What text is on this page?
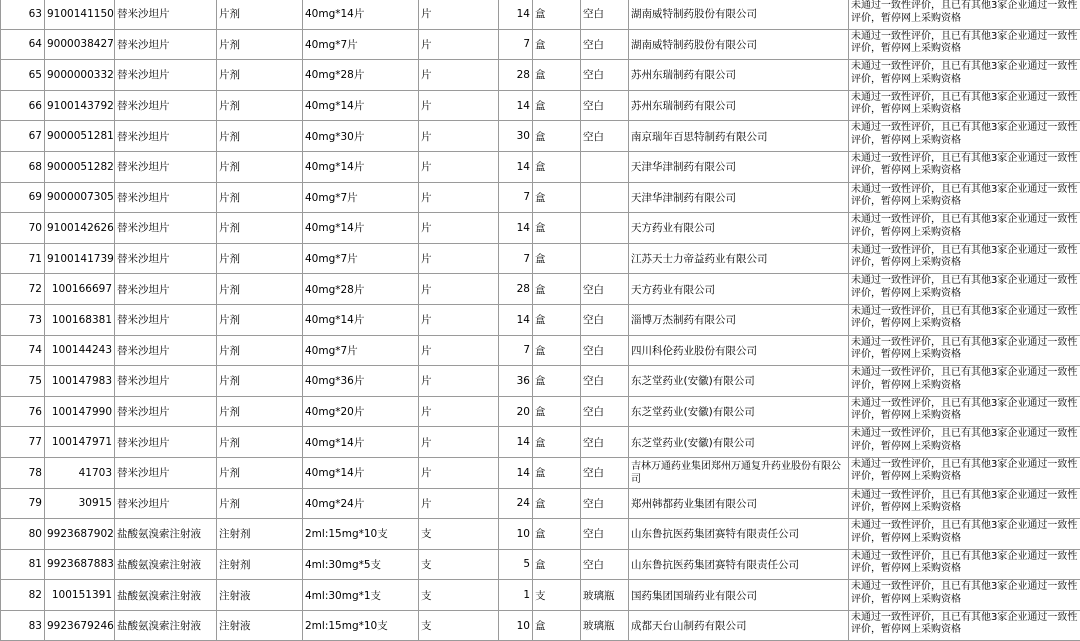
63	9100141150	替米沙坦片	片剂	40mg*14片	片	14	盒	空白	湖南威特制药股份有限公司	未通过一致性评价，且已有其他3家企业通过一致性评价，暂停网上采购资格
64	9000038427	替米沙坦片	片剂	40mg*7片	片	7	盒	空白	湖南威特制药股份有限公司	未通过一致性评价，且已有其他3家企业通过一致性评价，暂停网上采购资格
65	9000000332	替米沙坦片	片剂	40mg*28片	片	28	盒	空白	苏州东瑞制药有限公司	未通过一致性评价，且已有其他3家企业通过一致性评价，暂停网上采购资格
66	9100143792	替米沙坦片	片剂	40mg*14片	片	14	盒	空白	苏州东瑞制药有限公司	未通过一致性评价，且已有其他3家企业通过一致性评价，暂停网上采购资格
67	9000051281	替米沙坦片	片剂	40mg*30片	片	30	盒	空白	南京瑞年百思特制药有限公司	未通过一致性评价，且已有其他3家企业通过一致性评价，暂停网上采购资格
68	9000051282	替米沙坦片	片剂	40mg*14片	片	14	盒		天津华津制药有限公司	未通过一致性评价，且已有其他3家企业通过一致性评价，暂停网上采购资格
69	9000007305	替米沙坦片	片剂	40mg*7片	片	7	盒		天津华津制药有限公司	未通过一致性评价，且已有其他3家企业通过一致性评价，暂停网上采购资格
70	9100142626	替米沙坦片	片剂	40mg*14片	片	14	盒		天方药业有限公司	未通过一致性评价，且已有其他3家企业通过一致性评价，暂停网上采购资格
71	9100141739	替米沙坦片	片剂	40mg*7片	片	7	盒		江苏天士力帝益药业有限公司	未通过一致性评价，且已有其他3家企业通过一致性评价，暂停网上采购资格
72	100166697	替米沙坦片	片剂	40mg*28片	片	28	盒	空白	天方药业有限公司	未通过一致性评价，且已有其他3家企业通过一致性评价，暂停网上采购资格
73	100168381	替米沙坦片	片剂	40mg*14片	片	14	盒	空白	淄博万杰制药有限公司	未通过一致性评价，且已有其他3家企业通过一致性评价，暂停网上采购资格
74	100144243	替米沙坦片	片剂	40mg*7片	片	7	盒	空白	四川科伦药业股份有限公司	未通过一致性评价，且已有其他3家企业通过一致性评价，暂停网上采购资格
75	100147983	替米沙坦片	片剂	40mg*36片	片	36	盒	空白	东芝堂药业(安徽)有限公司	未通过一致性评价，且已有其他3家企业通过一致性评价，暂停网上采购资格
76	100147990	替米沙坦片	片剂	40mg*20片	片	20	盒	空白	东芝堂药业(安徽)有限公司	未通过一致性评价，且已有其他3家企业通过一致性评价，暂停网上采购资格
77	100147971	替米沙坦片	片剂	40mg*14片	片	14	盒	空白	东芝堂药业(安徽)有限公司	未通过一致性评价，且已有其他3家企业通过一致性评价，暂停网上采购资格
78	41703	替米沙坦片	片剂	40mg*14片	片	14	盒	空白	吉林万通药业集团郑州万通复升药业股份有限公司	未通过一致性评价，且已有其他3家企业通过一致性评价，暂停网上采购资格
79	30915	替米沙坦片	片剂	40mg*24片	片	24	盒	空白	郑州韩都药业集团有限公司	未通过一致性评价，且已有其他3家企业通过一致性评价，暂停网上采购资格
80	9923687902	盐酸氨溴索注射液	注射剂	2ml:15mg*10支	支	10	盒	空白	山东鲁抗医药集团赛特有限责任公司	未通过一致性评价，且已有其他3家企业通过一致性评价，暂停网上采购资格
81	9923687883	盐酸氨溴索注射液	注射剂	4ml:30mg*5支	支	5	盒	空白	山东鲁抗医药集团赛特有限责任公司	未通过一致性评价，且已有其他3家企业通过一致性评价，暂停网上采购资格
82	100151391	盐酸氨溴索注射液	注射液	4ml:30mg*1支	支	1	支	玻璃瓶	国药集团国瑞药业有限公司	未通过一致性评价，且已有其他3家企业通过一致性评价，暂停网上采购资格
83	9923679246	盐酸氨溴索注射液	注射液	2ml:15mg*10支	支	10	盒	玻璃瓶	成都天台山制药有限公司	未通过一致性评价，且已有其他3家企业通过一致性评价，暂停网上采购资格
